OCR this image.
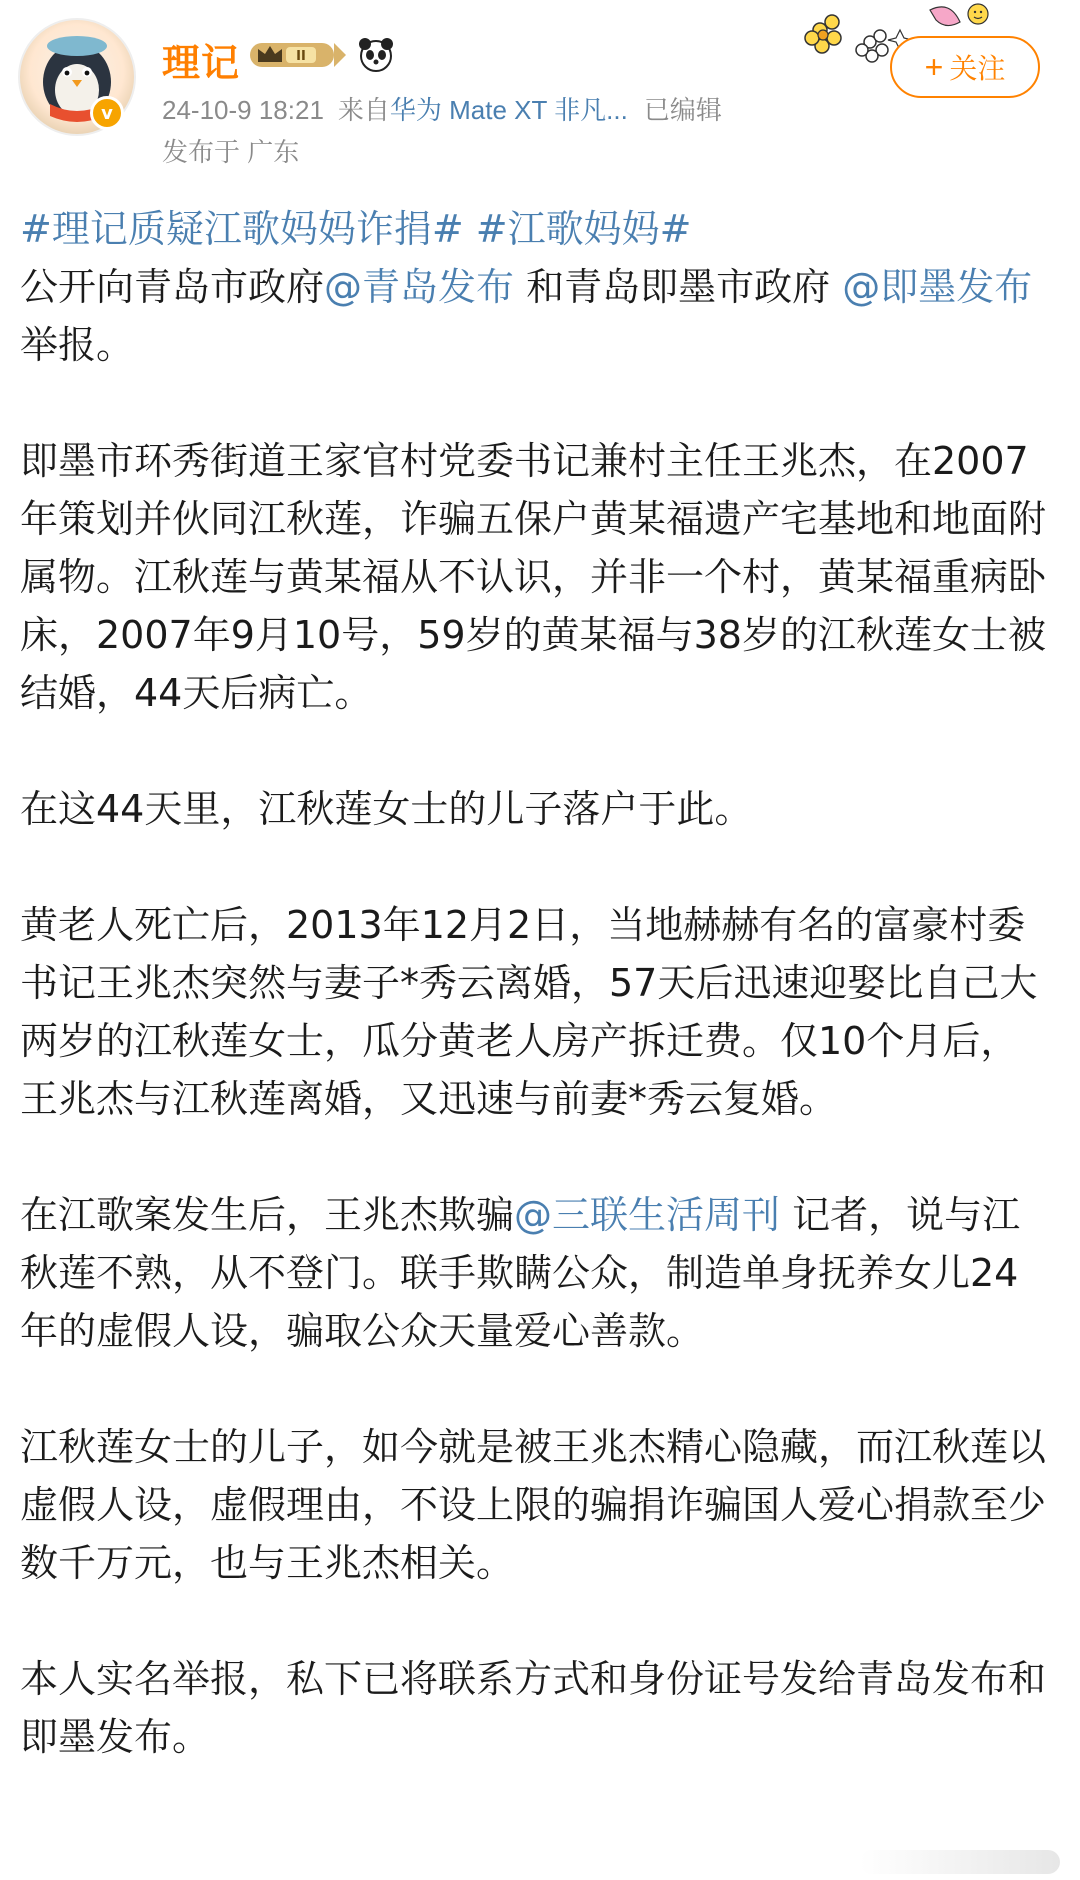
v
理记	II
24-10-9 18:21 来自华为 Mate XT 非凡... 已编辑
发布于 广东
+ 关注
#理记质疑江歌妈妈诈捐# #江歌妈妈#

公开向青岛市政府@青岛发布 和青岛即墨市政府 @即墨发布 举报。

即墨市环秀街道王家官村党委书记兼村主任王兆杰，在2007年策划并伙同江秋莲，诈骗五保户黄某福遗产宅基地和地面附属物。江秋莲与黄某福从不认识，并非一个村，黄某福重病卧床，2007年9月10号，59岁的黄某福与38岁的江秋莲女士被结婚，44天后病亡。

在这44天里，江秋莲女士的儿子落户于此。

黄老人死亡后，2013年12月2日，当地赫赫有名的富豪村委书记王兆杰突然与妻子*秀云离婚，57天后迅速迎娶比自己大两岁的江秋莲女士，瓜分黄老人房产拆迁费。仅10个月后，王兆杰与江秋莲离婚，又迅速与前妻*秀云复婚。

在江歌案发生后，王兆杰欺骗@三联生活周刊 记者，说与江秋莲不熟，从不登门。联手欺瞒公众，制造单身抚养女儿24年的虚假人设，骗取公众天量爱心善款。

江秋莲女士的儿子，如今就是被王兆杰精心隐藏，而江秋莲以虚假人设，虚假理由，不设上限的骗捐诈骗国人爱心捐款至少数千万元，也与王兆杰相关。

本人实名举报，私下已将联系方式和身份证号发给青岛发布和即墨发布。
